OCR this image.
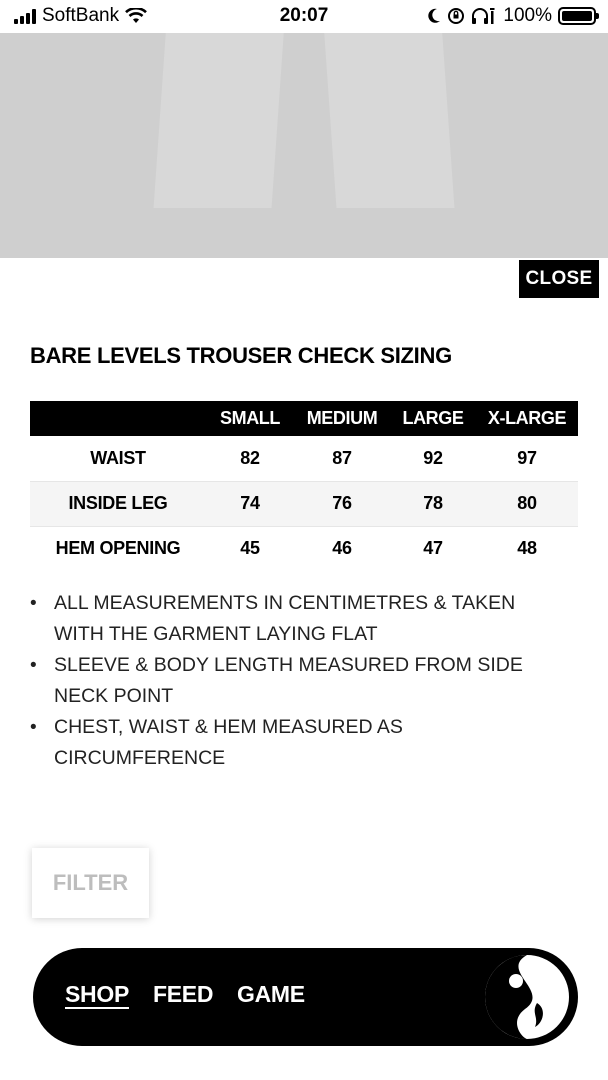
SoftBank	20:07	100%
CLOSE
BARE LEVELS TROUSER CHECK SIZING
	SMALL	MEDIUM	LARGE	X-LARGE
WAIST	82	87	92	97
INSIDE LEG	74	76	78	80
HEM OPENING	45	46	47	48
• ALL MEASUREMENTS IN CENTIMETRES & TAKEN WITH THE GARMENT LAYING FLAT
• SLEEVE & BODY LENGTH MEASURED FROM SIDE NECK POINT
• CHEST, WAIST & HEM MEASURED AS CIRCUMFERENCE
FILTER
SHOP FEED GAME
